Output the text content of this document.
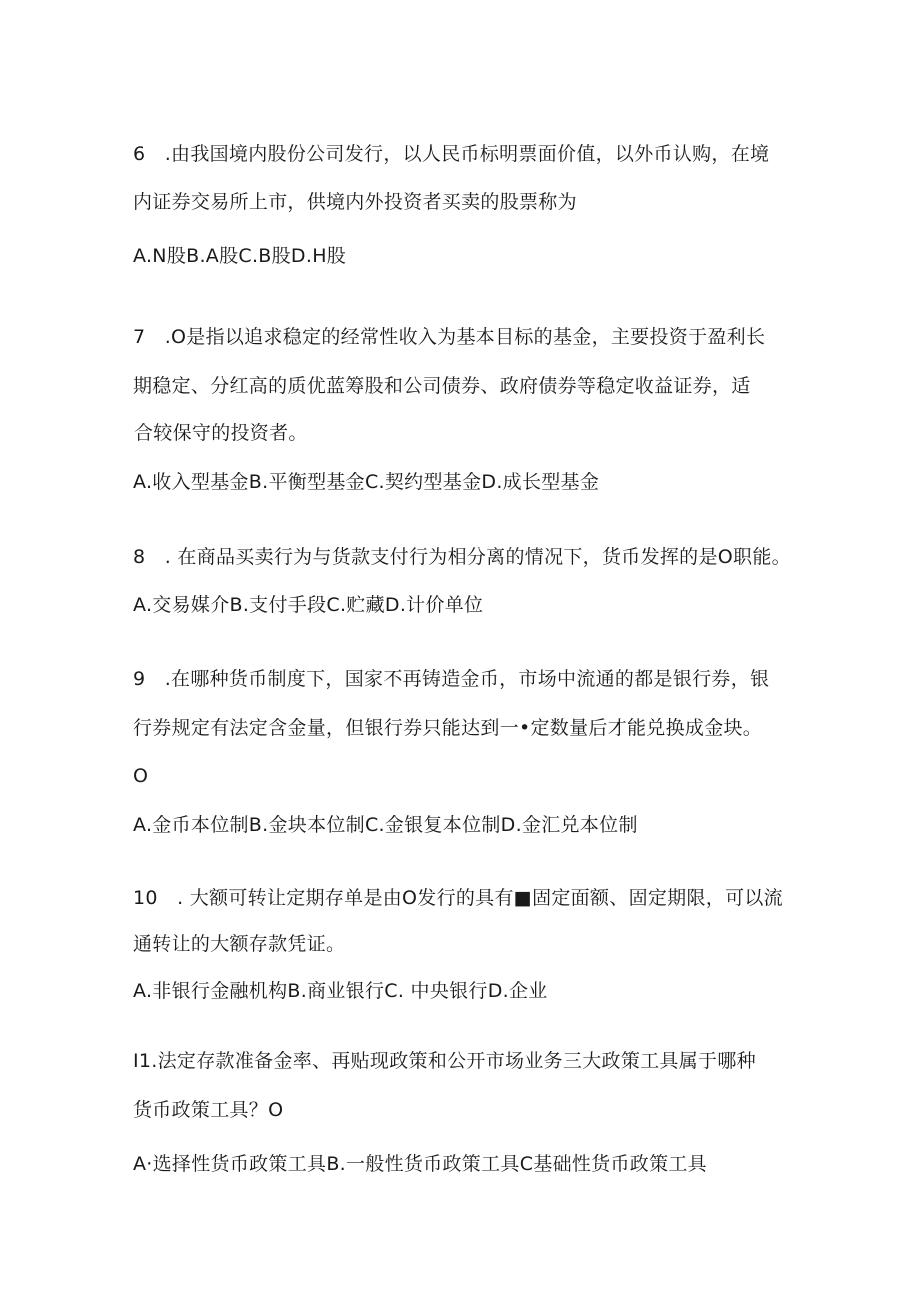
6　.由我国境内股份公司发行，以人民币标明票面价值，以外币认购，在境
内证券交易所上市，供境内外投资者买卖的股票称为
A.N股B.A股C.B股D.H股
7　.O是指以追求稳定的经常性收入为基本目标的基金，主要投资于盈利长
期稳定、分红高的质优蓝筹股和公司债券、政府债券等稳定收益证券，适
合较保守的投资者。
A.收入型基金B.平衡型基金C.契约型基金D.成长型基金
8　. 在商品买卖行为与货款支付行为相分离的情况下，货币发挥的是O职能。
A.交易媒介B.支付手段C.贮藏D.计价单位
9　.在哪种货币制度下，国家不再铸造金币，市场中流通的都是银行券，银
行券规定有法定含金量，但银行券只能达到一•定数量后才能兑换成金块。
O
A.金币本位制B.金块本位制C.金银复本位制D.金汇兑本位制
10　. 大额可转让定期存单是由O发行的具有■固定面额、固定期限，可以流
通转让的大额存款凭证。
A.非银行金融机构B.商业银行C. 中央银行D.企业
I1.法定存款准备金率、再贴现政策和公开市场业务三大政策工具属于哪种
货币政策工具？O
A·选择性货币政策工具B.一般性货币政策工具C基础性货币政策工具
